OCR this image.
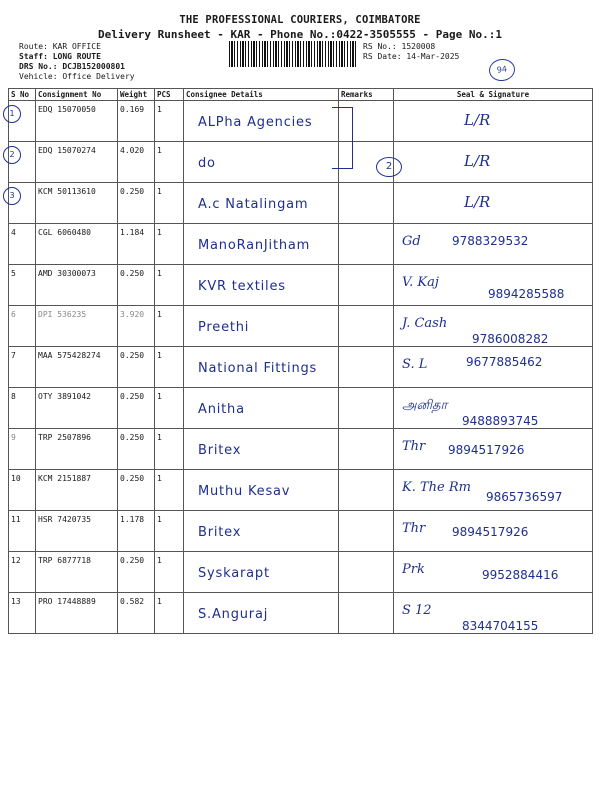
THE PROFESSIONAL COURIERS, COIMBATORE
Delivery Runsheet - KAR - Phone No.:0422-3505555 - Page No.:1
Route: KAR OFFICE
Staff: LONG ROUTE
DRS No.: DCJB152000801
Vehicle: Office Delivery
RS No.: 1520008
RS Date: 14-Mar-2025
94
S No	Consignment No	Weight	PCS	Consignee Details	Remarks	Seal & Signature

1	EDQ 15070050	0.169	1	ALPha Agencies		L/R

2	EDQ 15070274	4.020	1	do		L/R

3	KCM 50113610	0.250	1	A.c Natalingam		L/R

4	CGL 6060480	1.184	1	ManoRanJitham		Gd 9788329532

5	AMD 30300073	0.250	1	KVR textiles		V. Kaj
9894285588

6	DPI 536235	3.920	1	Preethi		J. Cash
9786008282

7	MAA 575428274	0.250	1	National Fittings		S. L 9677885462

8	OTY 3891042	0.250	1	Anitha		அனிதா
9488893745

9	TRP 2507896	0.250	1	Britex		Thr 9894517926

10	KCM 2151887	0.250	1	Muthu Kesav		K. The Rm
9865736597

11	HSR 7420735	1.178	1	Britex		Thr 9894517926

12	TRP 6877718	0.250	1	Syskarapt		Prk 9952884416

13	PRO 17448889	0.582	1	S.Anguraj		S 12
8344704155
2
